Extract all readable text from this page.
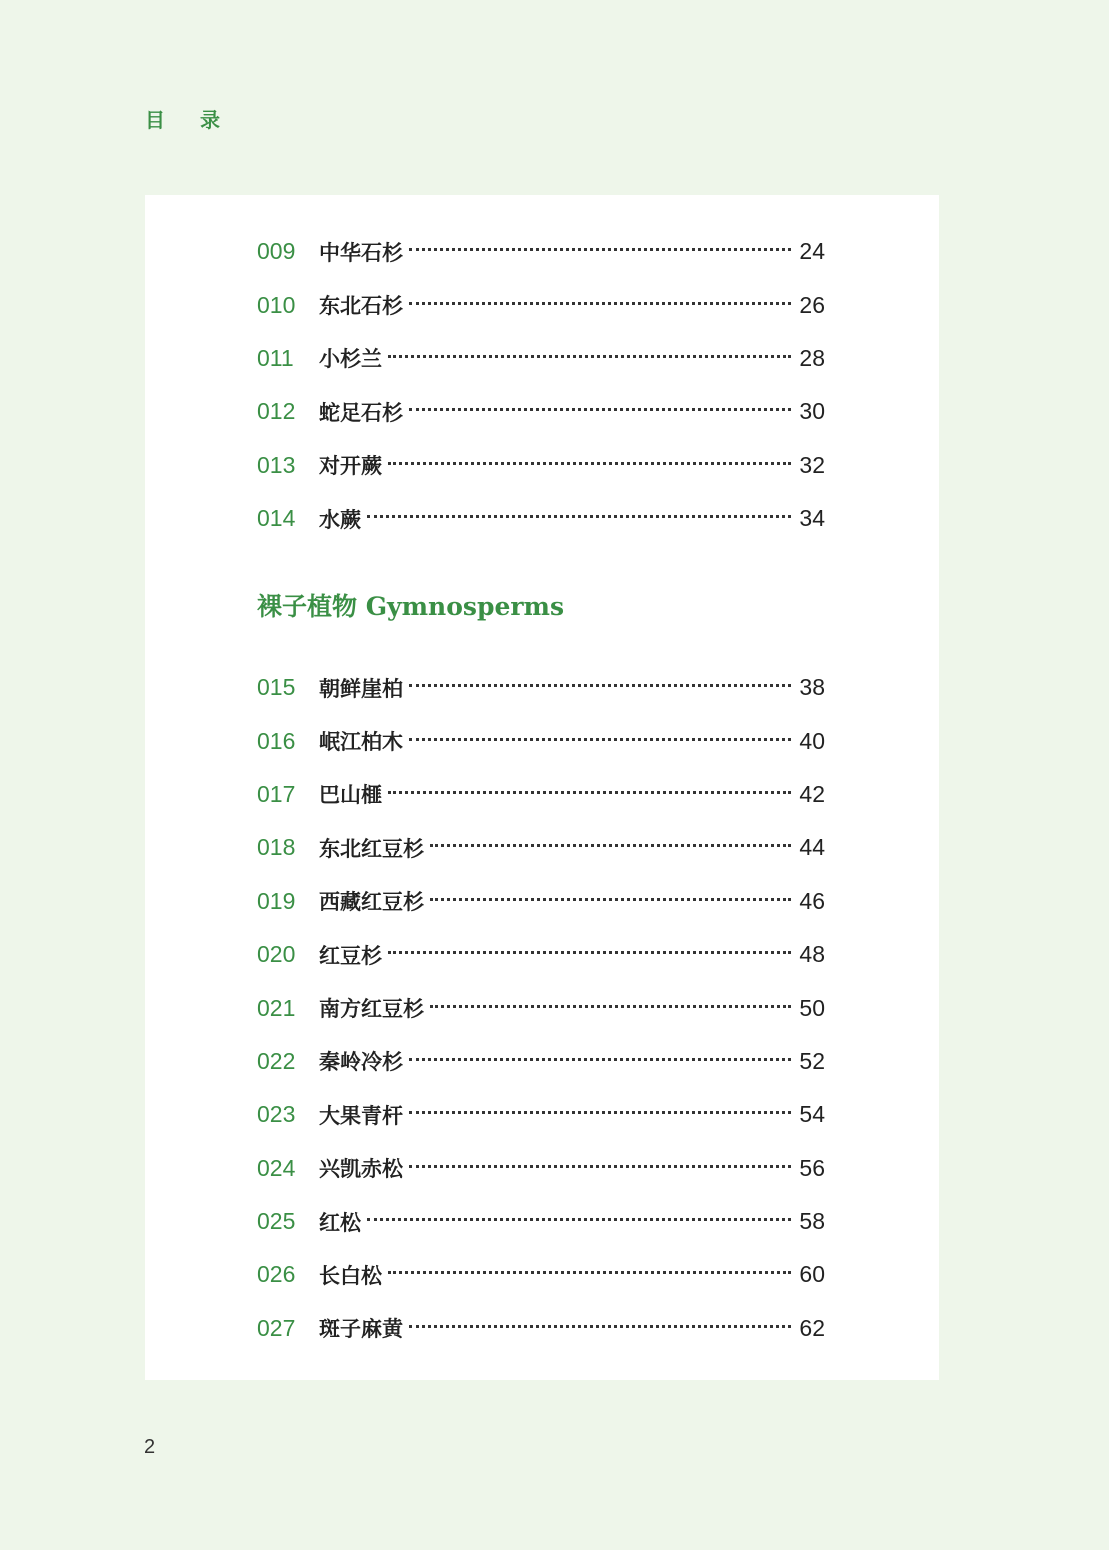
目 录
009	中华石杉	24
010	东北石杉	26
011	小杉兰	28
012	蛇足石杉	30
013	对开蕨	32
014	水蕨	34
裸子植物 Gymnosperms
015	朝鲜崖柏	38
016	岷江柏木	40
017	巴山榧	42
018	东北红豆杉	44
019	西藏红豆杉	46
020	红豆杉	48
021	南方红豆杉	50
022	秦岭冷杉	52
023	大果青杆	54
024	兴凯赤松	56
025	红松	58
026	长白松	60
027	斑子麻黄	62
2
